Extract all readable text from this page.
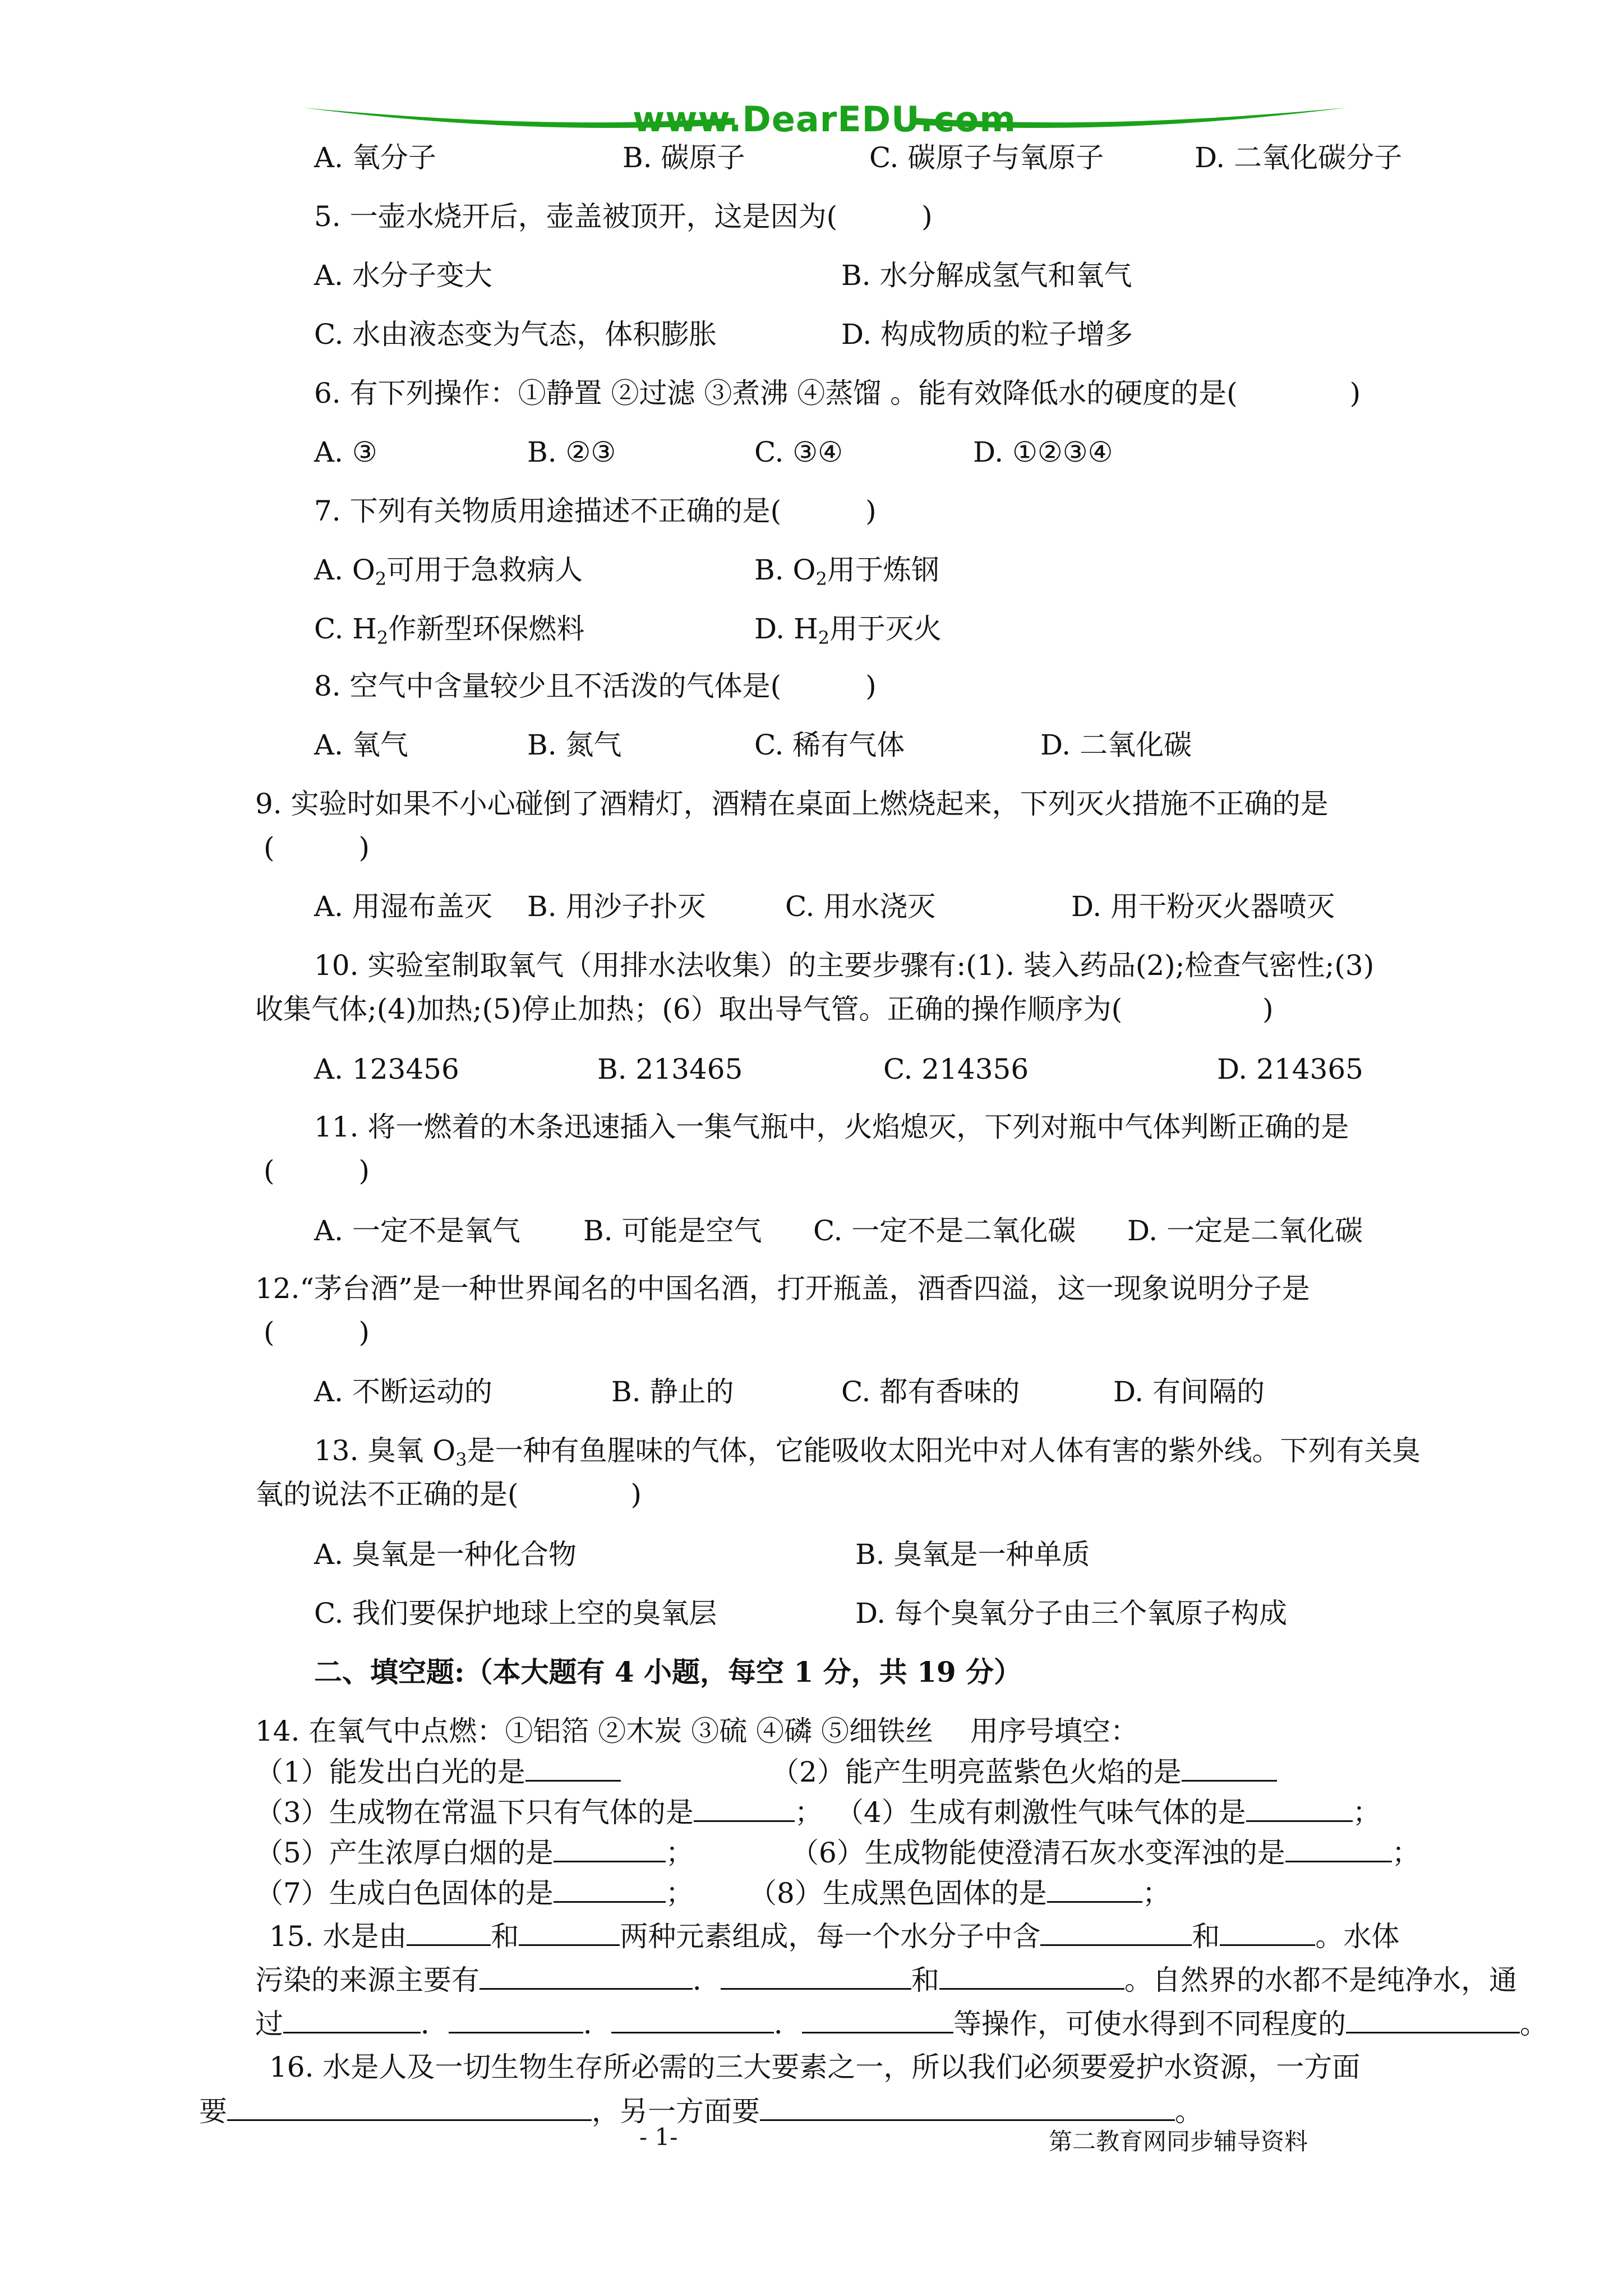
www.DearEDU.com
A. 氧分子	B. 碳原子	C. 碳原子与氧原子	D. 二氧化碳分子
5. 一壶水烧开后，壶盖被顶开，这是因为(　　　)
A. 水分子变大	B. 水分解成氢气和氧气
C. 水由液态变为气态，体积膨胀	D. 构成物质的粒子增多
6. 有下列操作：①静置 ②过滤 ③煮沸 ④蒸馏 。能有效降低水的硬度的是(　　　　)
A. ③	B. ②③	C. ③④	D. ①②③④
7. 下列有关物质用途描述不正确的是(　　　)
A. $O_2$可用于急救病人	B. $O_2$用于炼钢
C. $H_2$作新型环保燃料	D. $H_2$用于灭火
8. 空气中含量较少且不活泼的气体是(　　　)
A. 氧气	B. 氮气	C. 稀有气体	D. 二氧化碳
9. 实验时如果不小心碰倒了酒精灯，酒精在桌面上燃烧起来，下列灭火措施不正确的是
(　　　)
A. 用湿布盖灭 B. 用沙子扑灭	C. 用水浇灭	D. 用干粉灭火器喷灭
10. 实验室制取氧气（用排水法收集）的主要步骤有:(1). 装入药品(2);检查气密性;(3)
收集气体;(4)加热;(5)停止加热；(6）取出导气管。正确的操作顺序为(　　　　　)
A. 123456	B. 213465	C. 214356	D. 214365
11. 将一燃着的木条迅速插入一集气瓶中，火焰熄灭，下列对瓶中气体判断正确的是
(　　　)
A. 一定不是氧气 B. 可能是空气 C. 一定不是二氧化碳 D. 一定是二氧化碳
12.“茅台酒”是一种世界闻名的中国名酒，打开瓶盖，酒香四溢，这一现象说明分子是
(　　　)
A. 不断运动的	B. 静止的	C. 都有香味的	D. 有间隔的
13. 臭氧 $O_3$是一种有鱼腥味的气体，它能吸收太阳光中对人体有害的紫外线。下列有关臭
氧的说法不正确的是(　　　　)
A. 臭氧是一种化合物	B. 臭氧是一种单质
C. 我们要保护地球上空的臭氧层	D. 每个臭氧分子由三个氧原子构成
二、填空题:（本大题有 4 小题，每空 1 分，共 19 分）
14. 在氧气中点燃：①铝箔 ②木炭 ③硫 ④磷 ⑤细铁丝　 用序号填空：
（1）能发出白光的是	（2）能产生明亮蓝紫色火焰的是
（3）生成物在常温下只有气体的是	； （4）生成有刺激性气味气体的是	；
（5）产生浓厚白烟的是	；	（6）生成物能使澄清石灰水变浑浊的是	；
（7）生成白色固体的是	； （8）生成黑色固体的是	；
15. 水是由	和	两种元素组成，每一个水分子中含	和	。水体
污染的来源主要有	．	和	。自然界的水都不是纯净水，通
过	．	．	．	等操作，可使水得到不同程度的	。
16. 水是人及一切生物生存所必需的三大要素之一，所以我们必须要爱护水资源，一方面
要	，另一方面要	。
- 1-	第二教育网同步辅导资料
